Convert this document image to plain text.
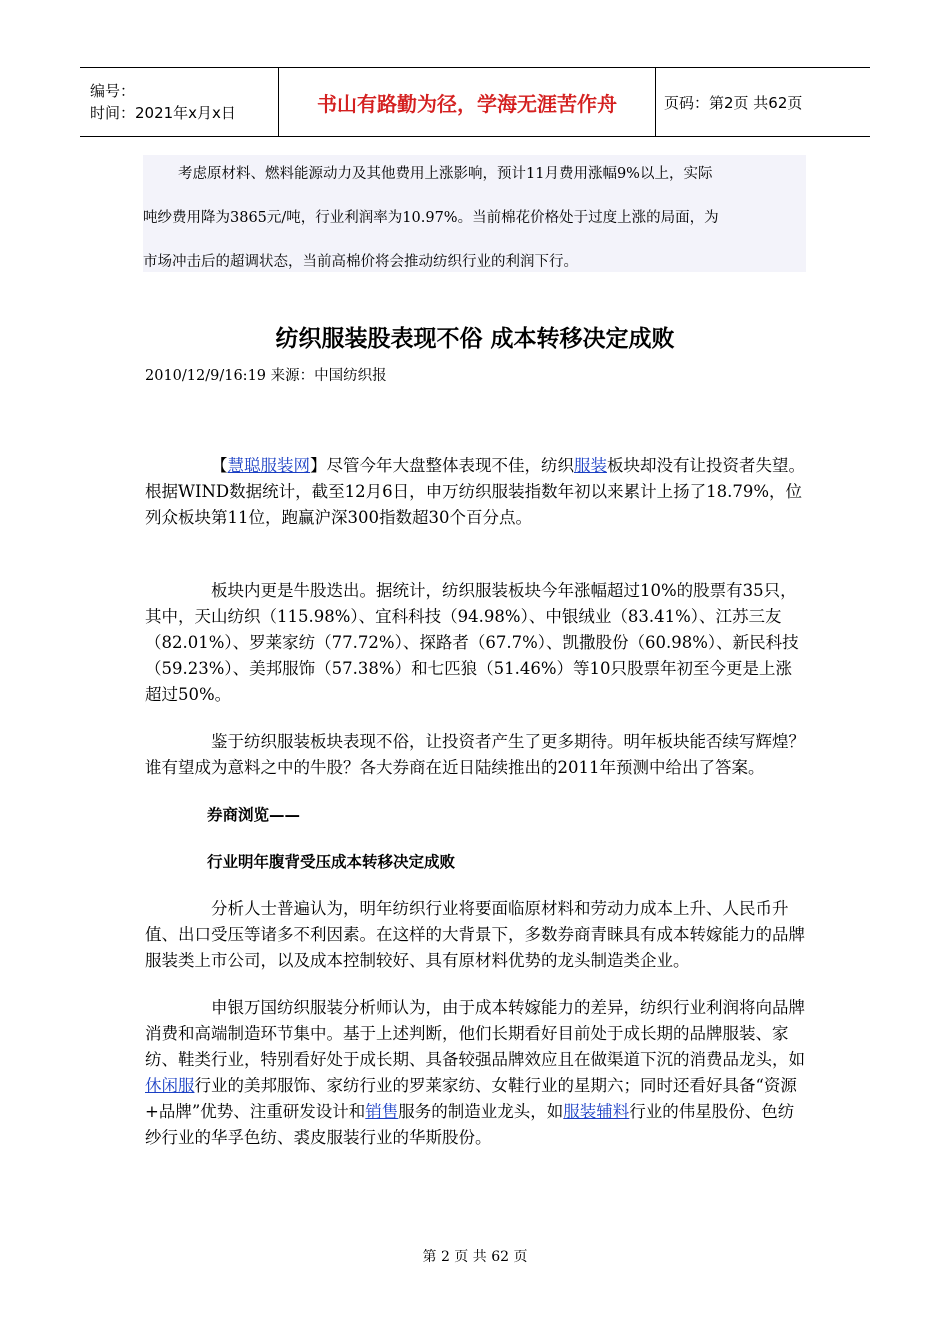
编号：
时间：2021年x月x日	书山有路勤为径，学海无涯苦作舟	页码：第2页 共62页

考虑原材料、燃料能源动力及其他费用上涨影响，预计11月费用涨幅9%以上，实际

吨纱费用降为3865元/吨，行业利润率为10.97%。当前棉花价格处于过度上涨的局面，为

市场冲击后的超调状态，当前高棉价将会推动纺织行业的利润下行。

纺织服装股表现不俗 成本转移决定成败
2010/12/9/16:19 来源：中国纺织报

【慧聪服装网】尽管今年大盘整体表现不佳，纺织服装板块却没有让投资者失望。根据WIND数据统计，截至12月6日，申万纺织服装指数年初以来累计上扬了18.79%，位列众板块第11位，跑赢沪深300指数超30个百分点。

板块内更是牛股迭出。据统计，纺织服装板块今年涨幅超过10%的股票有35只，其中，天山纺织（115.98%）、宜科科技（94.98%）、中银绒业（83.41%）、江苏三友（82.01%）、罗莱家纺（77.72%）、探路者（67.7%）、凯撒股份（60.98%）、新民科技（59.23%）、美邦服饰（57.38%）和七匹狼（51.46%）等10只股票年初至今更是上涨超过50%。

鉴于纺织服装板块表现不俗，让投资者产生了更多期待。明年板块能否续写辉煌？谁有望成为意料之中的牛股？各大券商在近日陆续推出的2011年预测中给出了答案。

券商浏览——

行业明年腹背受压成本转移决定成败

分析人士普遍认为，明年纺织行业将要面临原材料和劳动力成本上升、人民币升值、出口受压等诸多不利因素。在这样的大背景下，多数券商青睐具有成本转嫁能力的品牌服装类上市公司，以及成本控制较好、具有原材料优势的龙头制造类企业。

申银万国纺织服装分析师认为，由于成本转嫁能力的差异，纺织行业利润将向品牌消费和高端制造环节集中。基于上述判断，他们长期看好目前处于成长期的品牌服装、家纺、鞋类行业，特别看好处于成长期、具备较强品牌效应且在做渠道下沉的消费品龙头，如休闲服行业的美邦服饰、家纺行业的罗莱家纺、女鞋行业的星期六；同时还看好具备“资源+品牌”优势、注重研发设计和销售服务的制造业龙头，如服装辅料行业的伟星股份、色纺纱行业的华孚色纺、裘皮服装行业的华斯股份。

第 2 页 共 62 页
